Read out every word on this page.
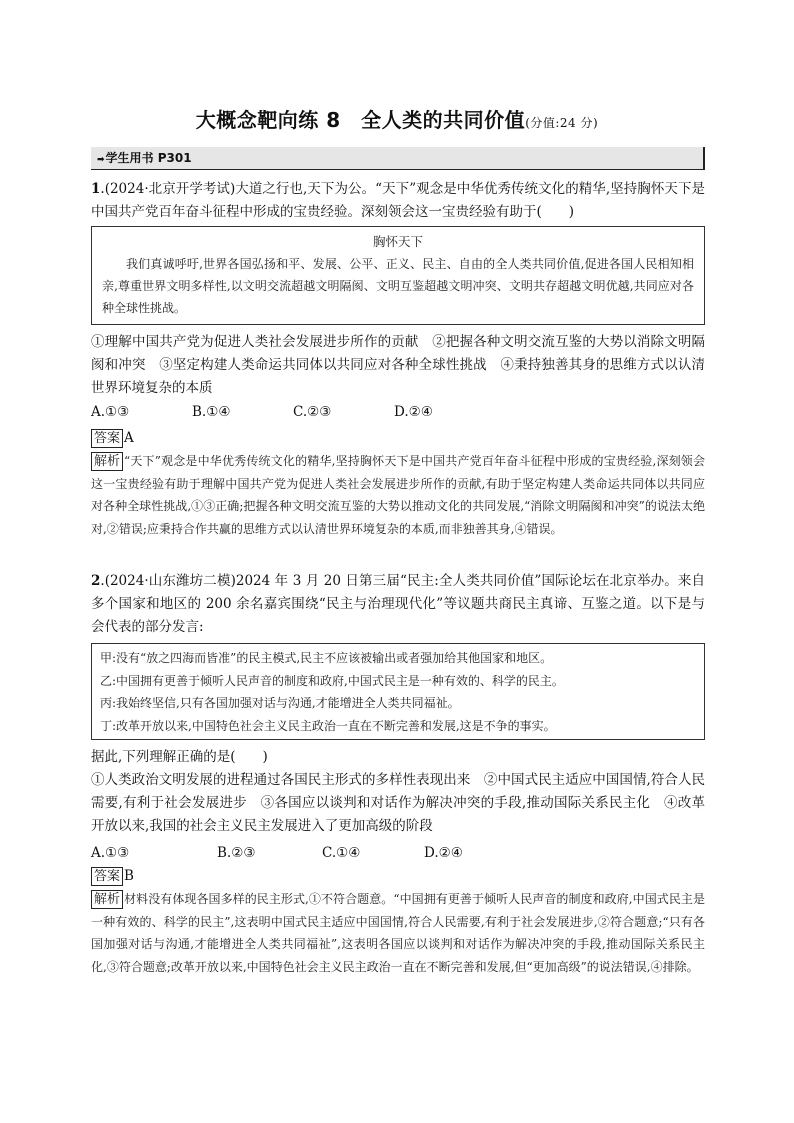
大概念靶向练 8　全人类的共同价值(分值:24 分)
➡学生用书 P301
1.(2024·北京开学考试)大道之行也,天下为公。“天下”观念是中华优秀传统文化的精华,坚持胸怀天下是中国共产党百年奋斗征程中形成的宝贵经验。深刻领会这一宝贵经验有助于(　　)
胸怀天下
我们真诚呼吁,世界各国弘扬和平、发展、公平、正义、民主、自由的全人类共同价值,促进各国人民相知相亲,尊重世界文明多样性,以文明交流超越文明隔阂、文明互鉴超越文明冲突、文明共存超越文明优越,共同应对各种全球性挑战。
①理解中国共产党为促进人类社会发展进步所作的贡献　②把握各种文明交流互鉴的大势以消除文明隔阂和冲突　③坚定构建人类命运共同体以共同应对各种全球性挑战　④秉持独善其身的思维方式以认清世界环境复杂的本质
A.①③	B.①④	C.②③	D.②④
答案 A
解析 “天下”观念是中华优秀传统文化的精华,坚持胸怀天下是中国共产党百年奋斗征程中形成的宝贵经验,深刻领会这一宝贵经验有助于理解中国共产党为促进人类社会发展进步所作的贡献,有助于坚定构建人类命运共同体以共同应对各种全球性挑战,①③正确;把握各种文明交流互鉴的大势以推动文化的共同发展,“消除文明隔阂和冲突”的说法太绝对,②错误;应秉持合作共赢的思维方式以认清世界环境复杂的本质,而非独善其身,④错误。
2.(2024·山东潍坊二模)2024 年 3 月 20 日第三届“民主:全人类共同价值”国际论坛在北京举办。来自多个国家和地区的 200 余名嘉宾围绕“民主与治理现代化”等议题共商民主真谛、互鉴之道。以下是与会代表的部分发言:
甲:没有“放之四海而皆准”的民主模式,民主不应该被输出或者强加给其他国家和地区。
乙:中国拥有更善于倾听人民声音的制度和政府,中国式民主是一种有效的、科学的民主。
丙:我始终坚信,只有各国加强对话与沟通,才能增进全人类共同福祉。
丁:改革开放以来,中国特色社会主义民主政治一直在不断完善和发展,这是不争的事实。
据此,下列理解正确的是(　　)
①人类政治文明发展的进程通过各国民主形式的多样性表现出来　②中国式民主适应中国国情,符合人民需要,有利于社会发展进步　③各国应以谈判和对话作为解决冲突的手段,推动国际关系民主化　④改革开放以来,我国的社会主义民主发展进入了更加高级的阶段
A.①③	B.②③	C.①④	D.②④
答案 B
解析 材料没有体现各国多样的民主形式,①不符合题意。“中国拥有更善于倾听人民声音的制度和政府,中国式民主是一种有效的、科学的民主”,这表明中国式民主适应中国国情,符合人民需要,有利于社会发展进步,②符合题意;“只有各国加强对话与沟通,才能增进全人类共同福祉”,这表明各国应以谈判和对话作为解决冲突的手段,推动国际关系民主化,③符合题意;改革开放以来,中国特色社会主义民主政治一直在不断完善和发展,但“更加高级”的说法错误,④排除。
